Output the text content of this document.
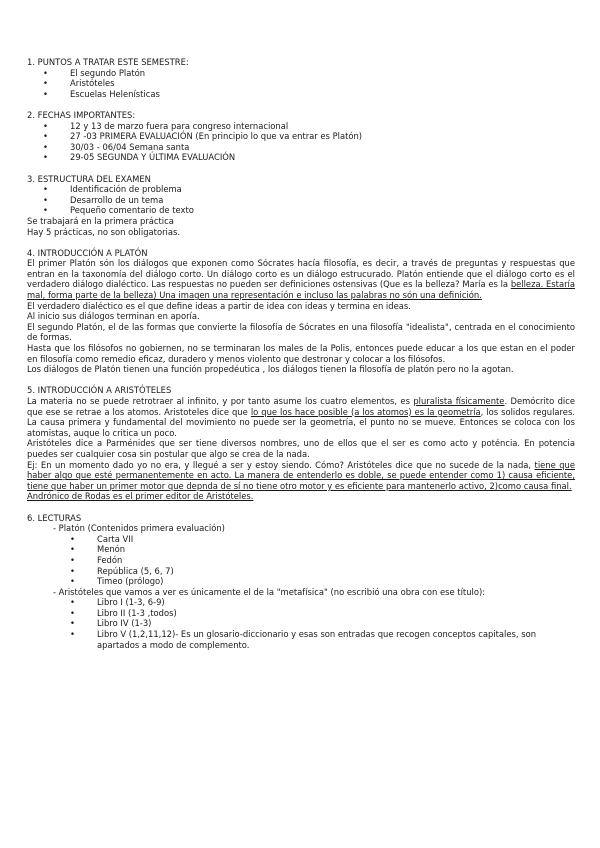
1. PUNTOS A TRATAR ESTE SEMESTRE:
• El segundo Platón
• Aristóteles
• Escuelas Helenísticas
2. FECHAS IMPORTANTES:
• 12 y 13 de marzo fuera para congreso internacional
• 27 -03 PRIMERA EVALUACIÓN (En principio lo que va entrar es Platón)
• 30/03 - 06/04 Semana santa
• 29-05 SEGUNDA Y ÚLTIMA EVALUACIÓN
3. ESTRUCTURA DEL EXAMEN
• Identificación de problema
• Desarrollo de un tema
• Pequeño comentario de texto

Se trabajará en la primera práctica

Hay 5 prácticas, no son obligatorias.

4. INTRODUCCIÓN A PLATÓN

El primer Platón són los diálogos que exponen como Sócrates hacía filosofía, es decir, a través de preguntas y respuestas que entran en la taxonomía del diálogo corto. Un diálogo corto es un diálogo estrucurado. Platón entiende que el diálogo corto es el verdadero diálogo dialéctico. Las respuestas no pueden ser definiciones ostensivas (Que es la belleza? María es la belleza. Estaría mal, forma parte de la belleza) Una imagen una representación e incluso las palabras no són una definición.

El verdadero dialéctico es el que define ideas a partir de idea con ideas y termina en ideas.

Al inicio sus diálogos terminan en aporía.

El segundo Platón, el de las formas que convierte la filosofía de Sócrates en una filosofía "idealista", centrada en el conocimiento de formas.

Hasta que los filósofos no gobiernen, no se terminaran los males de la Polis, entonces puede educar a los que estan en el poder en filosofía como remedio eficaz, duradero y menos violento que destronar y colocar a los filósofos.

Los diálogos de Platón tienen una función propedéutica , los diálogos tienen la filosofía de platón pero no la agotan.

5. INTRODUCCIÓN A ARISTÓTELES

La materia no se puede retrotraer al infinito, y por tanto asume los cuatro elementos, es pluralista físicamente. Demócrito dice que ese se retrae a los atomos. Aristoteles dice que lo que los hace posible (a los atomos) es la geometría, los solidos regulares. La causa primera y fundamental del movimiento no puede ser la geometría, el punto no se mueve. Entonces se coloca con los atomistas, auque lo critica un poco.

Aristóteles dice a Parménides que ser tiene diversos nombres, uno de ellos que el ser es como acto y poténcia. En potencia puedes ser cualquier cosa sin postular que algo se crea de la nada.

Ej: En un momento dado yo no era, y llegué a ser y estoy siendo. Cómo? Aristóteles dice que no sucede de la nada, tiene que haber algo que esté permanentemente en acto. La manera de entenderlo es doble, se puede entender como 1) causa eficiente, tiene que haber un primer motor que depnda de sí no tiene otro motor y es eficiente para mantenerlo activo, 2)como causa final.

Andrónico de Rodas es el primer editor de Aristóteles.

6. LECTURAS

- Platón (Contenidos primera evaluación)

• Carta VII
• Menón
• Fedón
• República (5, 6, 7)
• Timeo (prólogo)

- Aristóteles que vamos a ver es únicamente el de la "metafísica" (no escribió una obra con ese título):

• Libro I (1-3, 6-9)
• Libro II (1-3 ,todos)
• Libro IV (1-3)
• Libro V (1,2,11,12)- Es un glosario-diccionario y esas son entradas que recogen conceptos capitales, son apartados a modo de complemento.
